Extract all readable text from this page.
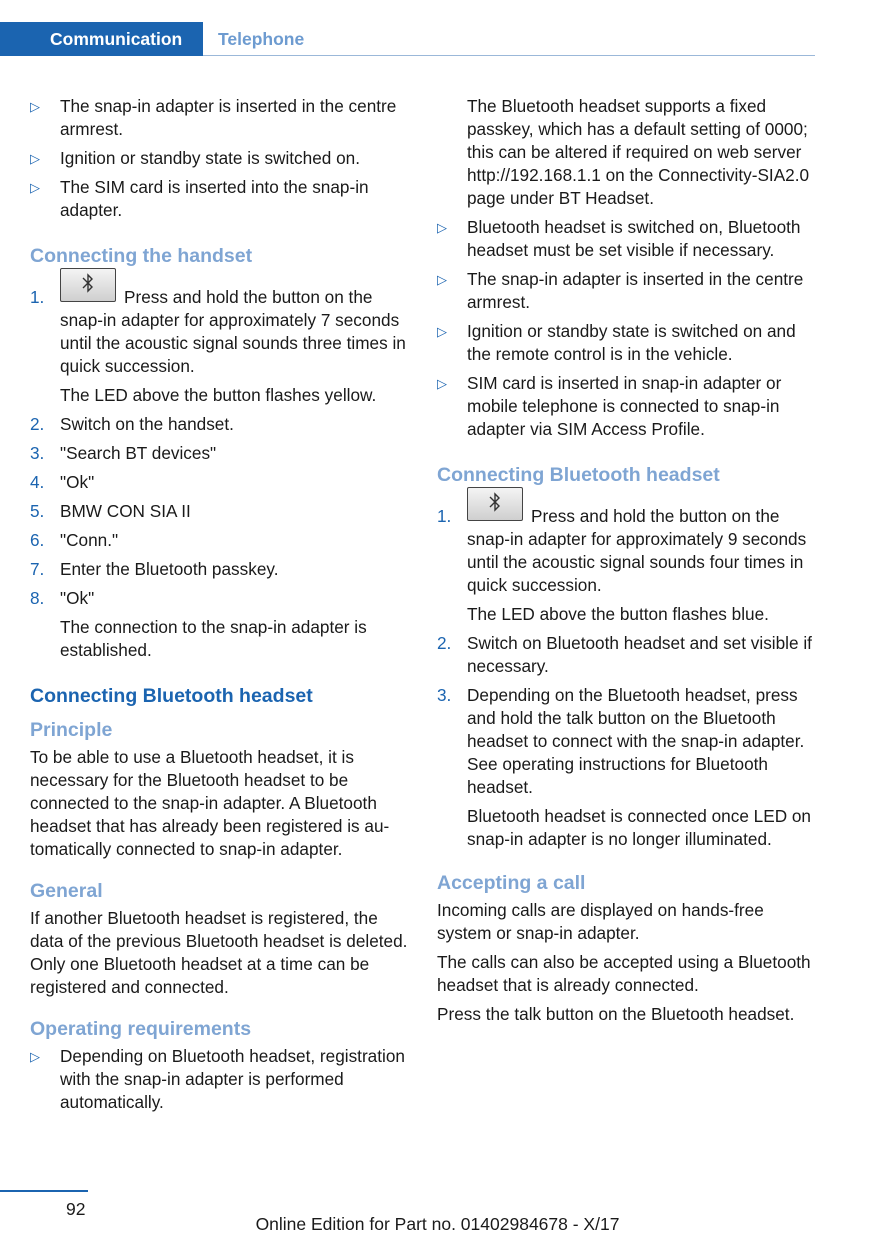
Communication	Telephone
▷ The snap-in adapter is inserted in the centre armrest.
▷ Ignition or standby state is switched on.
▷ The SIM card is inserted into the snap-in adapter.
Connecting the handset
1.	Press and hold the button on the snap-in adapter for approximately 7 seconds until the acoustic signal sounds three times in quick succession.
The LED above the button flashes yellow.
2. Switch on the handset.
3. "Search BT devices"
4. "Ok"
5. BMW CON SIA II
6. "Conn."
7. Enter the Bluetooth passkey.
8. "Ok"
The connection to the snap-in adapter is established.
Connecting Bluetooth headset
Principle
To be able to use a Bluetooth headset, it is necessary for the Bluetooth headset to be connected to the snap-in adapter. A Bluetooth headset that has already been registered is automatically connected to snap-in adapter.
General
If another Bluetooth headset is registered, the data of the previous Bluetooth headset is deleted. Only one Bluetooth headset at a time can be registered and connected.
Operating requirements
▷ Depending on Bluetooth headset, registration with the snap-in adapter is performed automatically.
The Bluetooth headset supports a fixed passkey, which has a default setting of 0000; this can be altered if required on web server http://192.168.1.1 on the Connectivity-SIA2.0 page under BT Headset.
▷ Bluetooth headset is switched on, Bluetooth headset must be set visible if necessary.
▷ The snap-in adapter is inserted in the centre armrest.
▷ Ignition or standby state is switched on and the remote control is in the vehicle.
▷ SIM card is inserted in snap-in adapter or mobile telephone is connected to snap-in adapter via SIM Access Profile.
Connecting Bluetooth headset
1.	Press and hold the button on the snap-in adapter for approximately 9 seconds until the acoustic signal sounds four times in quick succession.
The LED above the button flashes blue.
2. Switch on Bluetooth headset and set visible if necessary.
3. Depending on the Bluetooth headset, press and hold the talk button on the Bluetooth headset to connect with the snap-in adapter. See operating instructions for Bluetooth headset.
Bluetooth headset is connected once LED on snap-in adapter is no longer illuminated.
Accepting a call
Incoming calls are displayed on hands-free system or snap-in adapter.
The calls can also be accepted using a Bluetooth headset that is already connected.
Press the talk button on the Bluetooth headset.
92
Online Edition for Part no. 01402984678 - X/17
